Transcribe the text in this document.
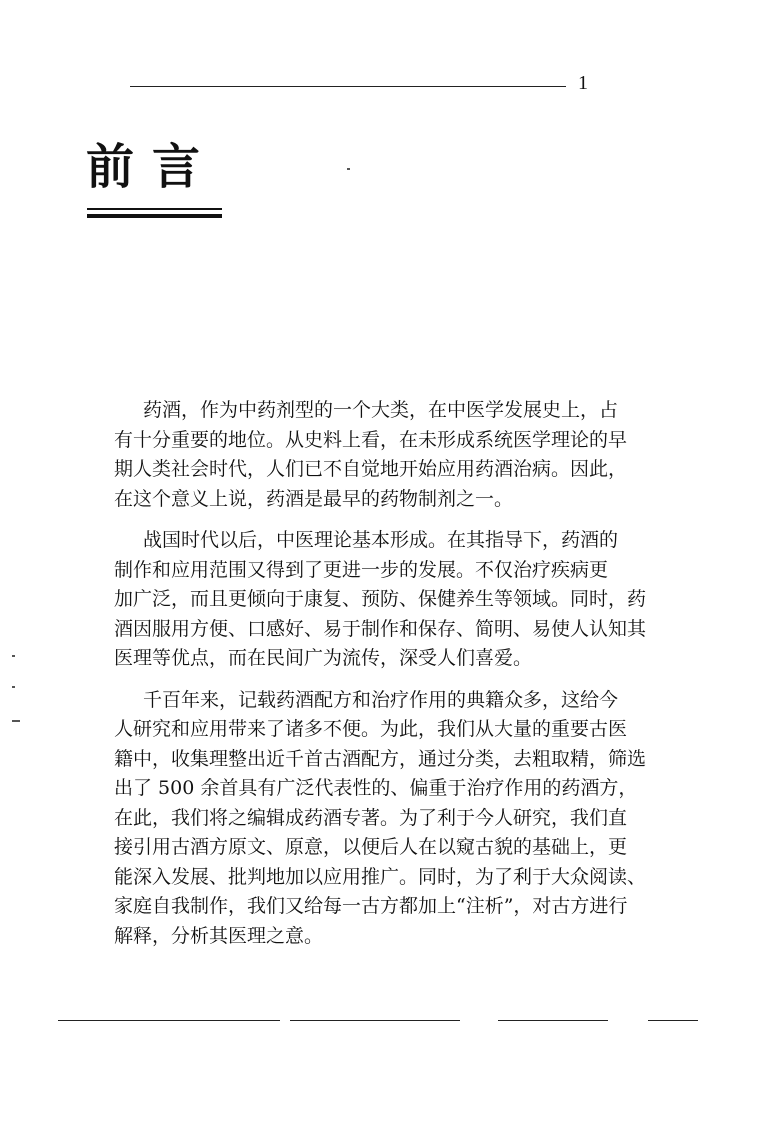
1
前言
药酒，作为中药剂型的一个大类，在中医学发展史上，占
有十分重要的地位。从史料上看，在未形成系统医学理论的早
期人类社会时代，人们已不自觉地开始应用药酒治病。因此，
在这个意义上说，药酒是最早的药物制剂之一。
战国时代以后，中医理论基本形成。在其指导下，药酒的
制作和应用范围又得到了更进一步的发展。不仅治疗疾病更
加广泛，而且更倾向于康复、预防、保健养生等领域。同时，药
酒因服用方便、口感好、易于制作和保存、简明、易使人认知其
医理等优点，而在民间广为流传，深受人们喜爱。
千百年来，记载药酒配方和治疗作用的典籍众多，这给今
人研究和应用带来了诸多不便。为此，我们从大量的重要古医
籍中，收集理整出近千首古酒配方，通过分类，去粗取精，筛选
出了 500 余首具有广泛代表性的、偏重于治疗作用的药酒方，
在此，我们将之编辑成药酒专著。为了利于今人研究，我们直
接引用古酒方原文、原意，以便后人在以窥古貌的基础上，更
能深入发展、批判地加以应用推广。同时，为了利于大众阅读、
家庭自我制作，我们又给每一古方都加上“注析”，对古方进行
解释，分析其医理之意。
